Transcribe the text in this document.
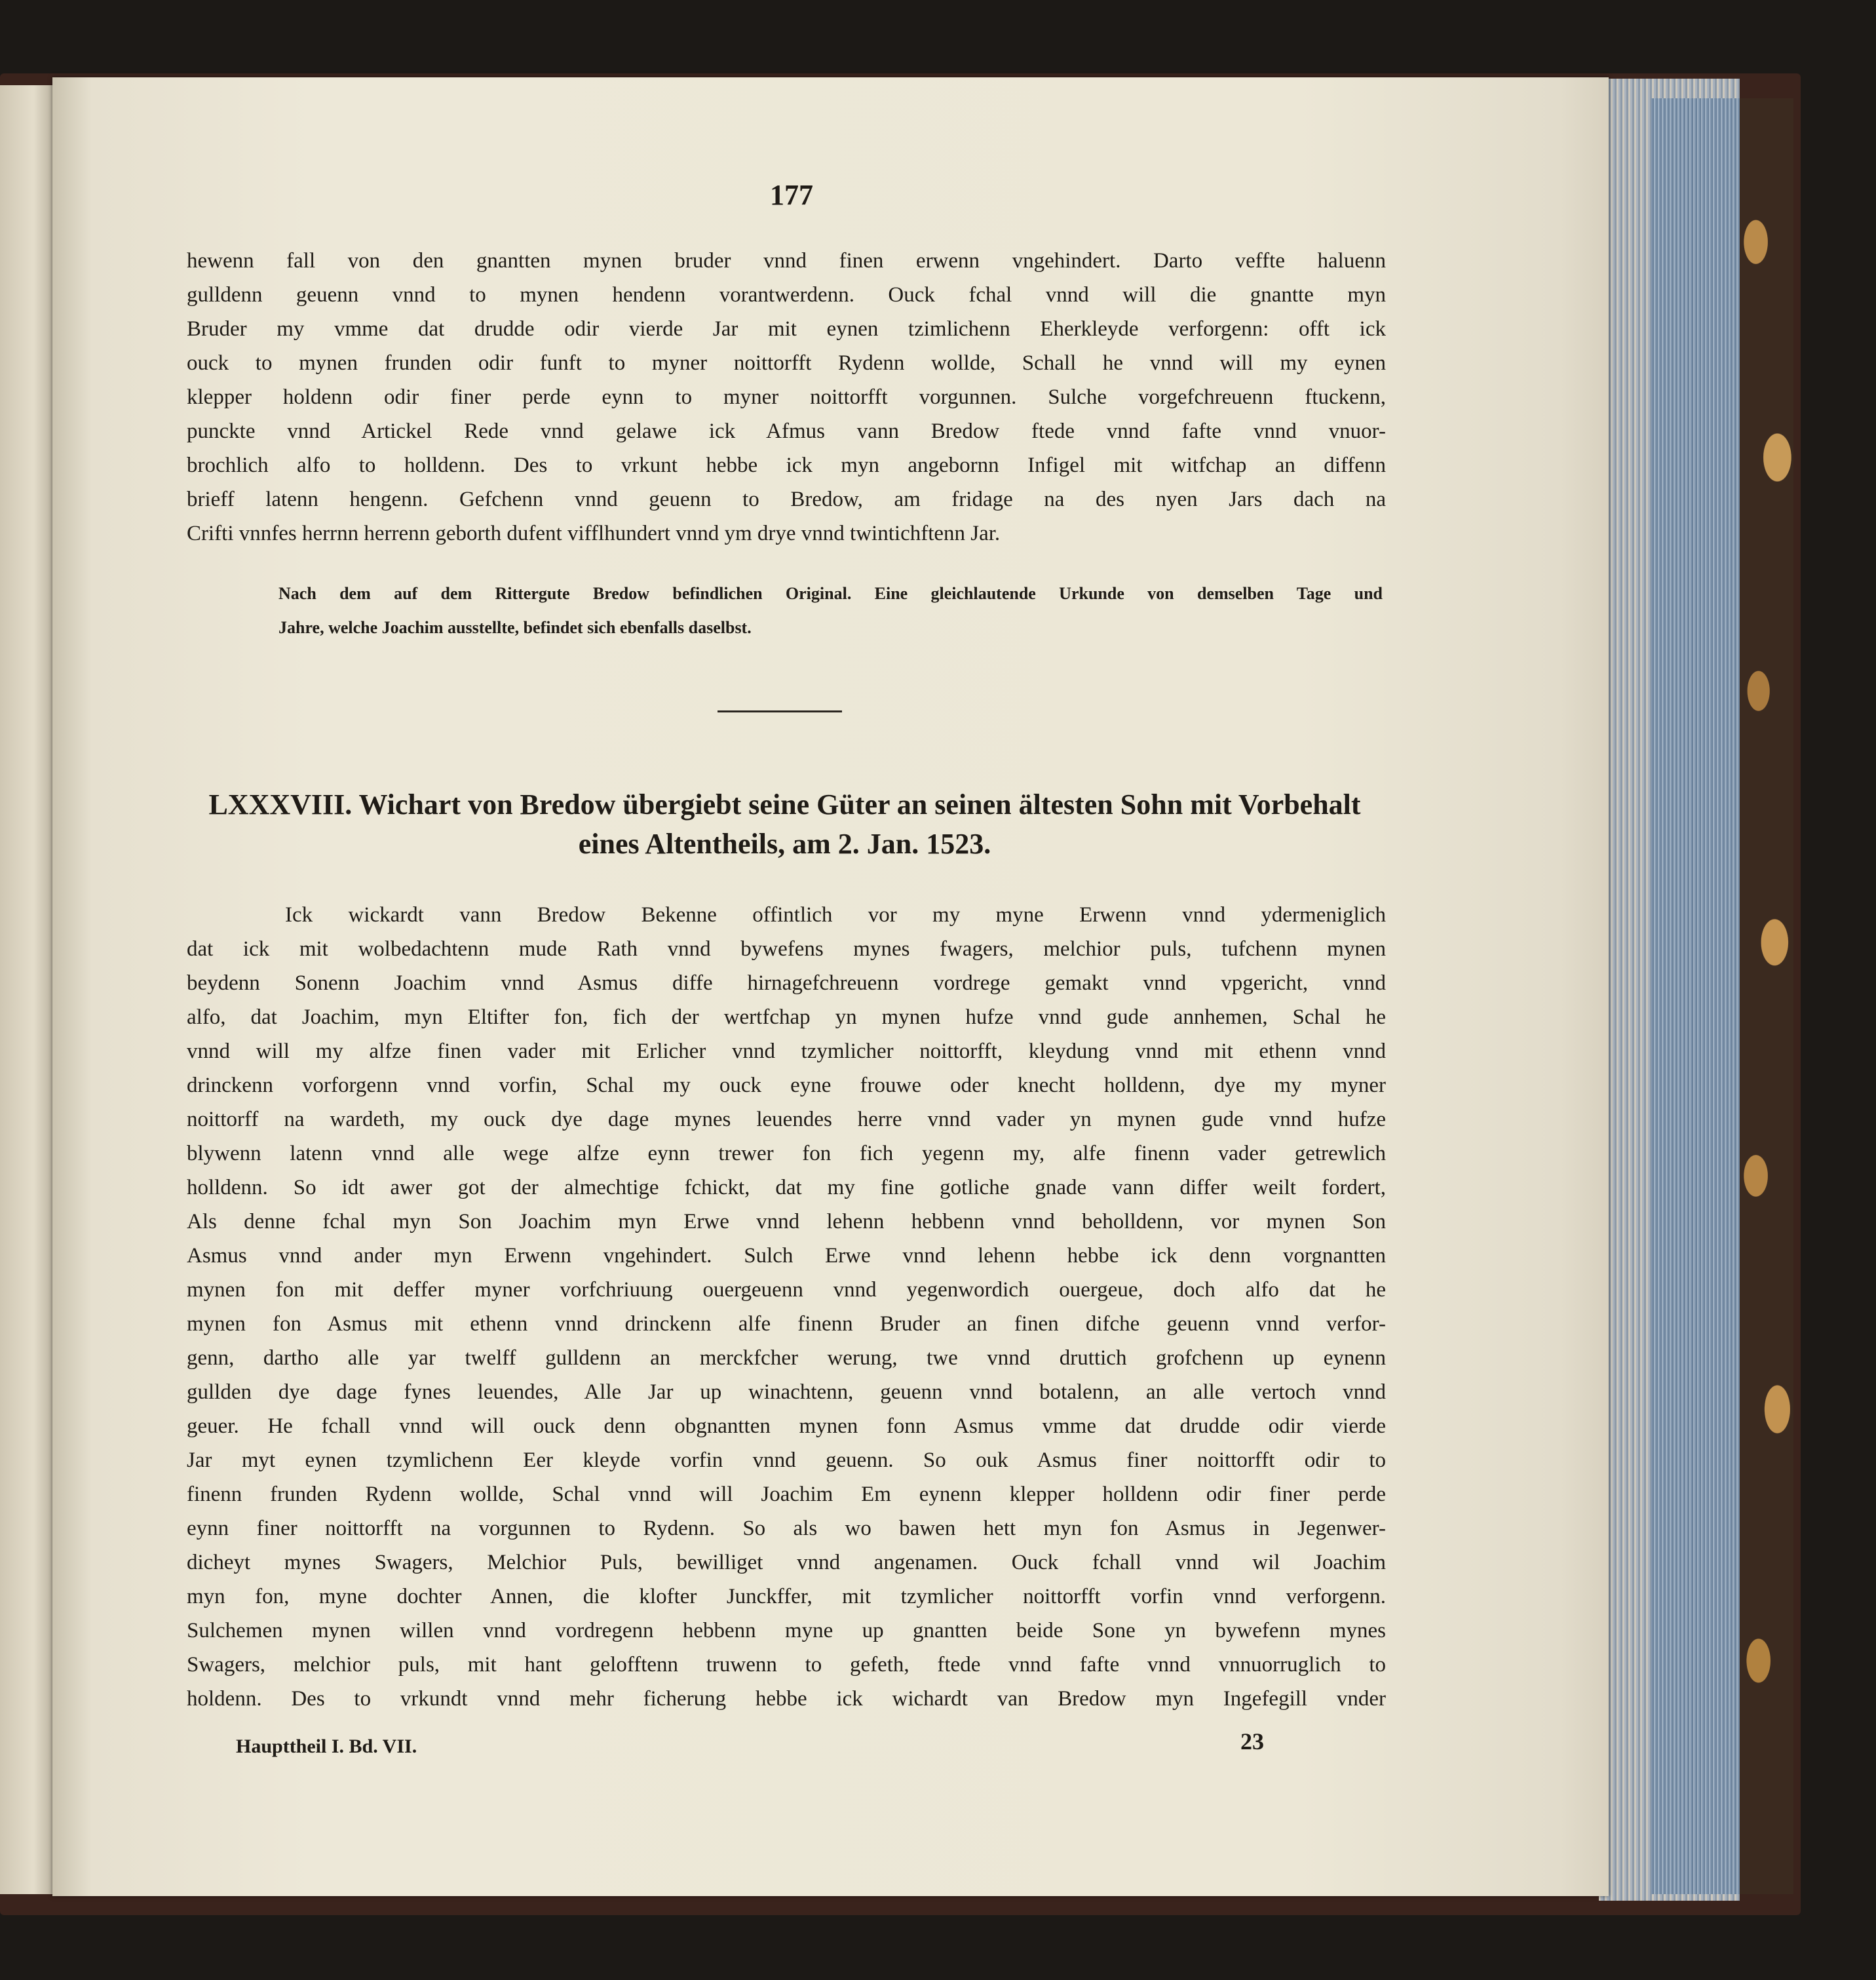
177
hewenn fall von den gnantten mynen bruder vnnd finen erwenn vngehindert. Darto veffte haluenn
gulldenn geuenn vnnd to mynen hendenn vorantwerdenn. Ouck fchal vnnd will die gnantte myn
Bruder my vmme dat drudde odir vierde Jar mit eynen tzimlichenn Eherkleyde verforgenn: offt ick
ouck to mynen frunden odir funft to myner noittorfft Rydenn wollde, Schall he vnnd will my eynen
klepper holdenn odir finer perde eynn to myner noittorfft vorgunnen. Sulche vorgefchreuenn ftuckenn,
punckte vnnd Artickel Rede vnnd gelawe ick Afmus vann Bredow ftede vnnd fafte vnnd vnuor-
brochlich alfo to holldenn. Des to vrkunt hebbe ick myn angebornn Infigel mit witfchap an diffenn
brieff latenn hengenn. Gefchenn vnnd geuenn to Bredow, am fridage na des nyen Jars dach na
Crifti vnnfes herrnn herrenn geborth dufent vifflhundert vnnd ym drye vnnd twintichftenn Jar.
Nach dem auf dem Rittergute Bredow befindlichen Original. Eine gleichlautende Urkunde von demselben Tage und
Jahre, welche Joachim ausstellte, befindet sich ebenfalls daselbst.
LXXXVIII. Wichart von Bredow übergiebt seine Güter an seinen ältesten Sohn mit Vorbehalt
eines Altentheils, am 2. Jan. 1523.
Ick wickardt vann Bredow Bekenne offintlich vor my myne Erwenn vnnd ydermeniglich
dat ick mit wolbedachtenn mude Rath vnnd bywefens mynes fwagers, melchior puls, tufchenn mynen
beydenn Sonenn Joachim vnnd Asmus diffe hirnagefchreuenn vordrege gemakt vnnd vpgericht, vnnd
alfo, dat Joachim, myn Eltifter fon, fich der wertfchap yn mynen hufze vnnd gude annhemen, Schal he
vnnd will my alfze finen vader mit Erlicher vnnd tzymlicher noittorfft, kleydung vnnd mit ethenn vnnd
drinckenn vorforgenn vnnd vorfin, Schal my ouck eyne frouwe oder knecht holldenn, dye my myner
noittorff na wardeth, my ouck dye dage mynes leuendes herre vnnd vader yn mynen gude vnnd hufze
blywenn latenn vnnd alle wege alfze eynn trewer fon fich yegenn my, alfe finenn vader getrewlich
holldenn. So idt awer got der almechtige fchickt, dat my fine gotliche gnade vann differ weilt fordert,
Als denne fchal myn Son Joachim myn Erwe vnnd lehenn hebbenn vnnd beholldenn, vor mynen Son
Asmus vnnd ander myn Erwenn vngehindert. Sulch Erwe vnnd lehenn hebbe ick denn vorgnantten
mynen fon mit deffer myner vorfchriuung ouergeuenn vnnd yegenwordich ouergeue, doch alfo dat he
mynen fon Asmus mit ethenn vnnd drinckenn alfe finenn Bruder an finen difche geuenn vnnd verfor-
genn, dartho alle yar twelff gulldenn an merckfcher werung, twe vnnd druttich grofchenn up eynenn
gullden dye dage fynes leuendes, Alle Jar up winachtenn, geuenn vnnd botalenn, an alle vertoch vnnd
geuer. He fchall vnnd will ouck denn obgnantten mynen fonn Asmus vmme dat drudde odir vierde
Jar myt eynen tzymlichenn Eer kleyde vorfin vnnd geuenn. So ouk Asmus finer noittorfft odir to
finenn frunden Rydenn wollde, Schal vnnd will Joachim Em eynenn klepper holldenn odir finer perde
eynn finer noittorfft na vorgunnen to Rydenn. So als wo bawen hett myn fon Asmus in Jegenwer-
dicheyt mynes Swagers, Melchior Puls, bewilliget vnnd angenamen. Ouck fchall vnnd wil Joachim
myn fon, myne dochter Annen, die klofter Junckffer, mit tzymlicher noittorfft vorfin vnnd verforgenn.
Sulchemen mynen willen vnnd vordregenn hebbenn myne up gnantten beide Sone yn bywefenn mynes
Swagers, melchior puls, mit hant gelofftenn truwenn to gefeth, ftede vnnd fafte vnnd vnnuorruglich to
holdenn. Des to vrkundt vnnd mehr ficherung hebbe ick wichardt van Bredow myn Ingefegill vnder
Haupttheil I. Bd. VII.	23
